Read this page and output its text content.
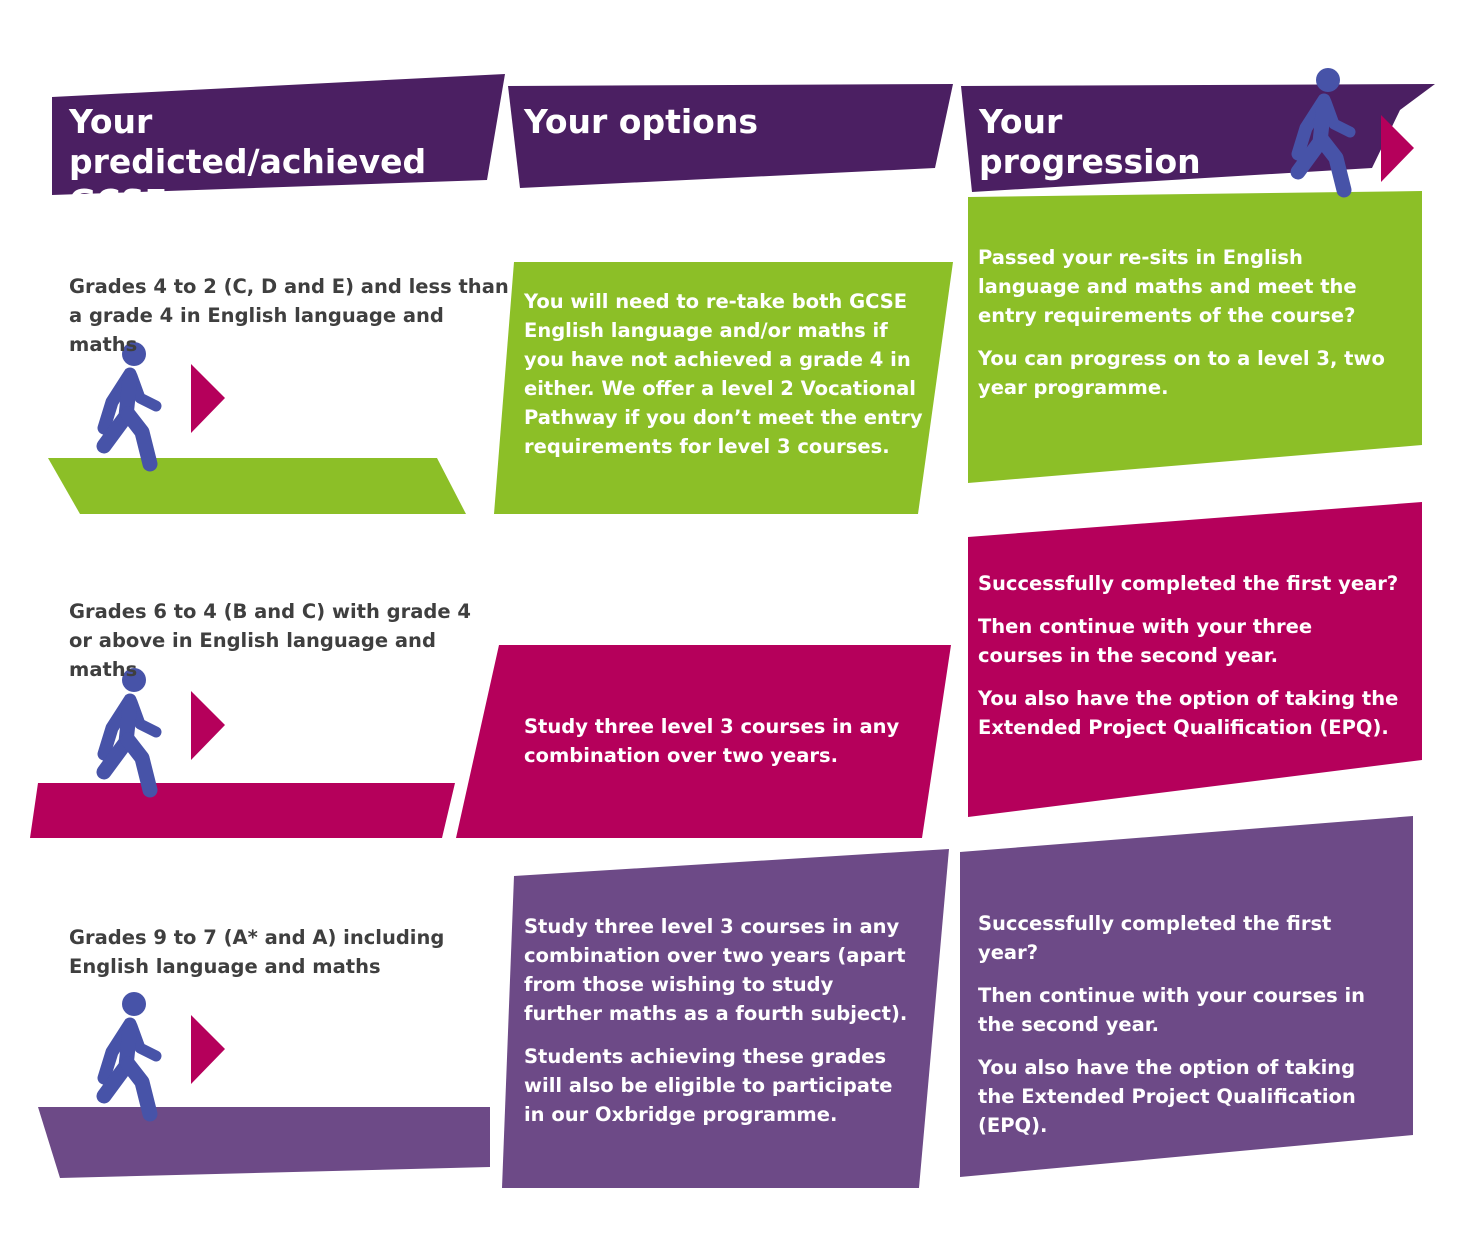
Your predicted/achieved GCSE grades
Your options	Your progression
Grades 4 to 2 (C, D and E) and less than a grade 4 in English language and maths

You will need to re-take both GCSE English language and/or maths if you have not achieved a grade 4 in either. We offer a level 2 Vocational Pathway if you don’t meet the entry requirements for level 3 courses.

Passed your re-sits in English language and maths and meet the entry requirements of the course?

You can progress on to a level 3, two year programme.

Grades 6 to 4 (B and C) with grade 4 or above in English language and maths

Study three level 3 courses in any combination over two years.

Successfully completed the first year?

Then continue with your three courses in the second year.

You also have the option of taking the Extended Project Qualification (EPQ).

Grades 9 to 7 (A* and A) including English language and maths

Study three level 3 courses in any combination over two years (apart from those wishing to study further maths as a fourth subject).

Students achieving these grades will also be eligible to participate in our Oxbridge programme.

Successfully completed the first year?

Then continue with your courses in the second year.

You also have the option of taking the Extended Project Qualification (EPQ).
